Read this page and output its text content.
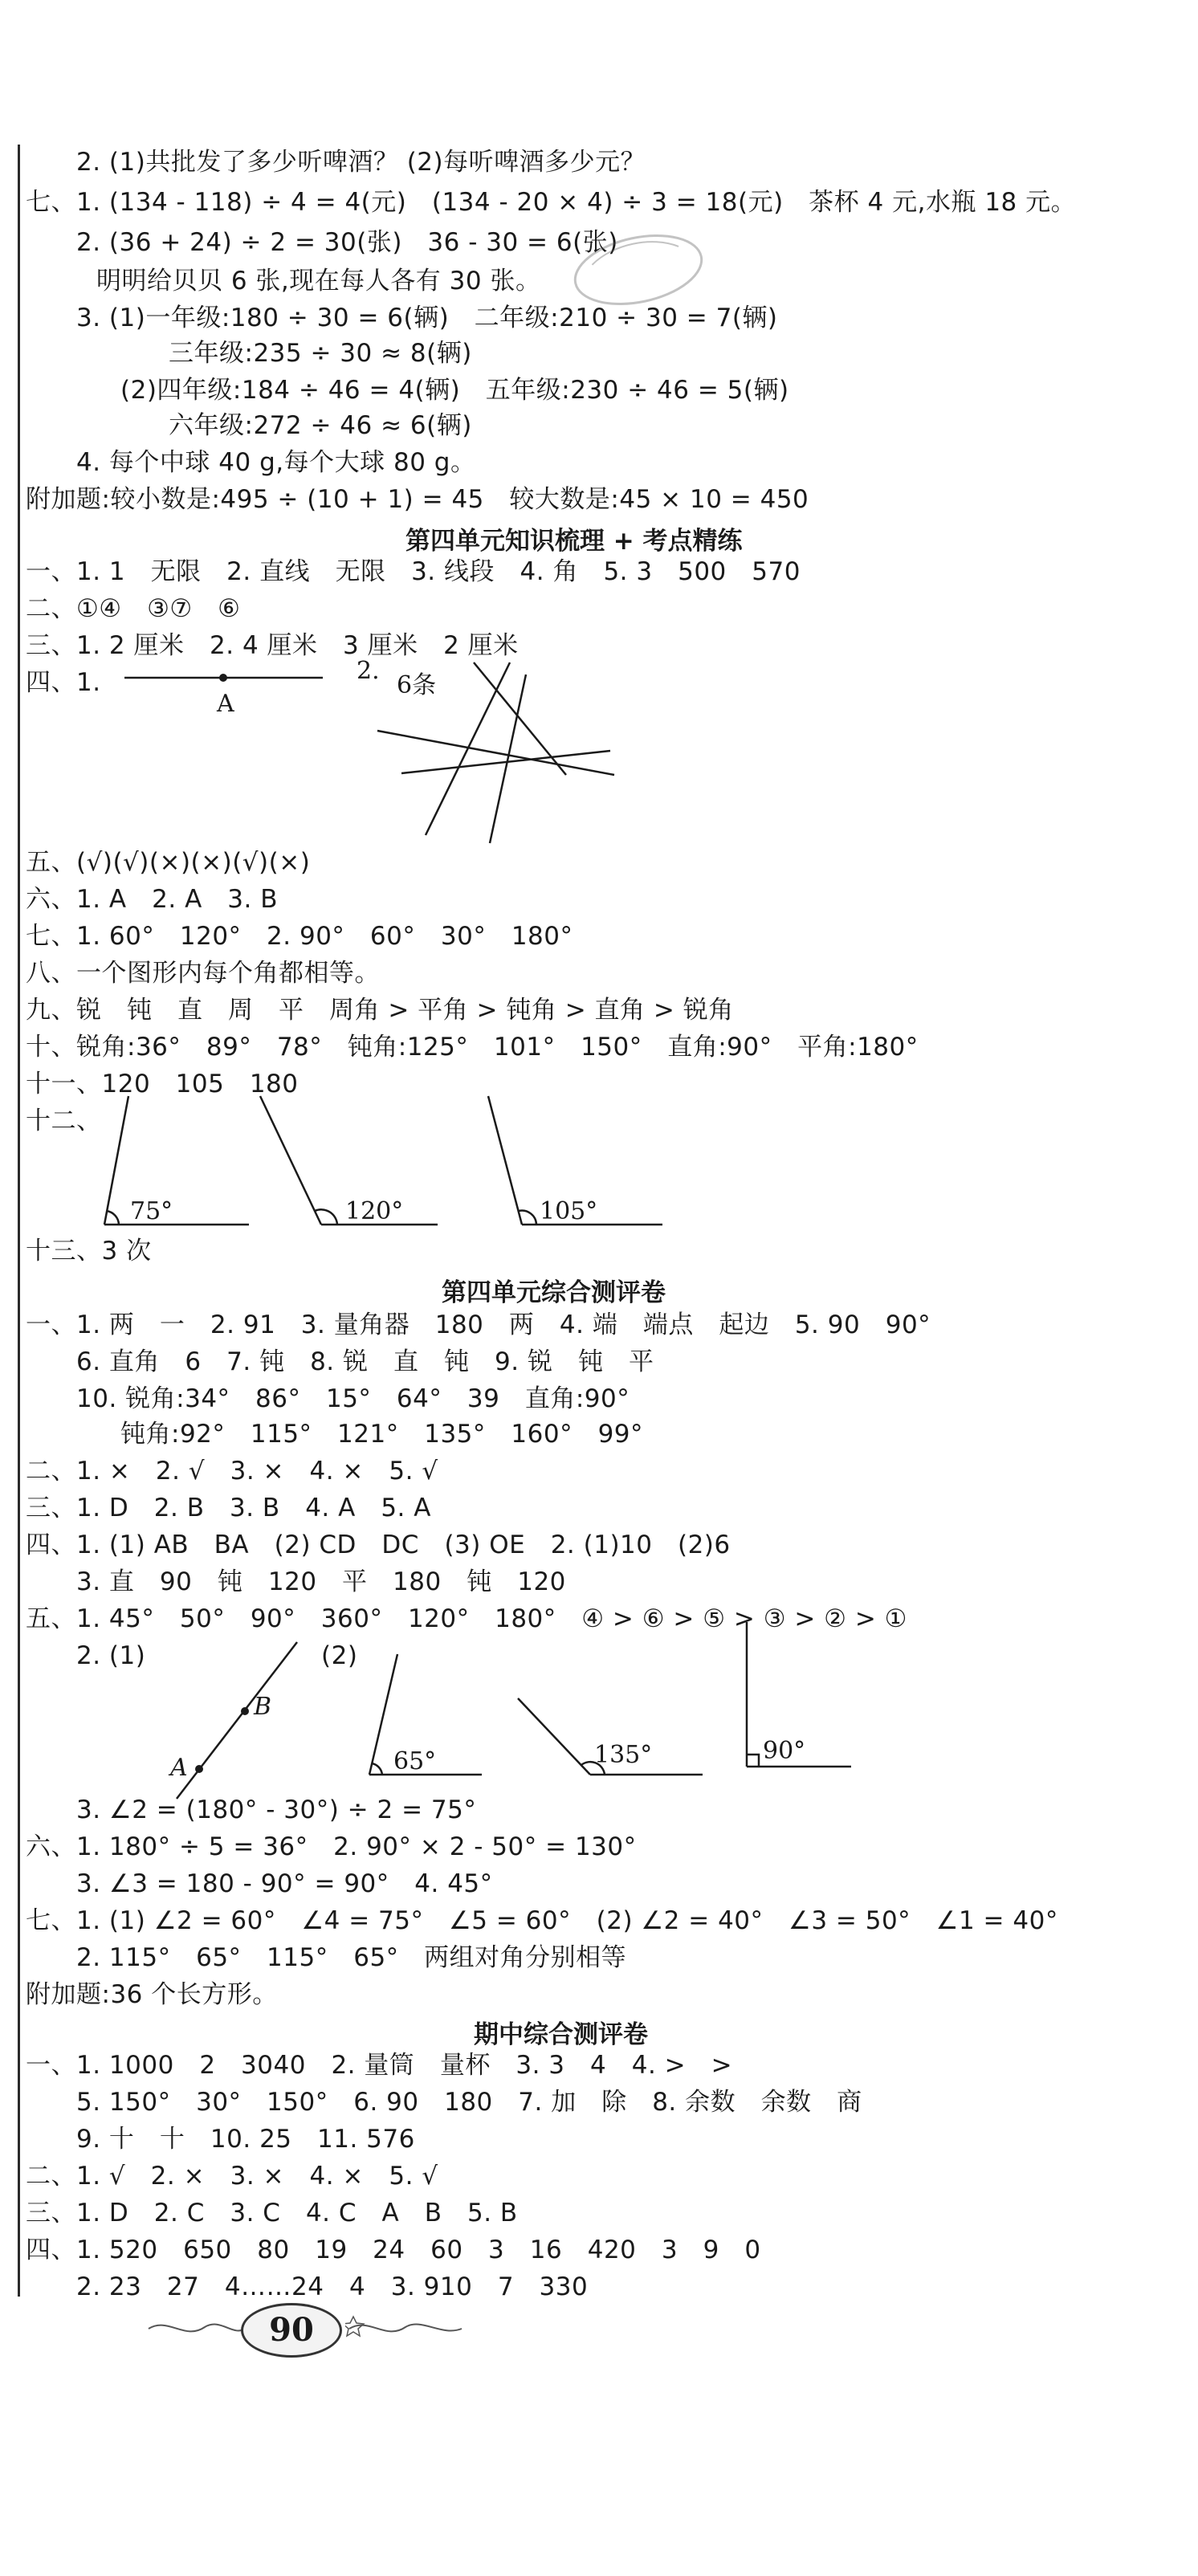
2. (1)共批发了多少听啤酒？ (2)每听啤酒多少元？
七、1. (134 - 118) ÷ 4 = 4(元)　(134 - 20 × 4) ÷ 3 = 18(元)　茶杯 4 元,水瓶 18 元。
2. (36 + 24) ÷ 2 = 30(张)　36 - 30 = 6(张)
明明给贝贝 6 张,现在每人各有 30 张。
3. (1)一年级:180 ÷ 30 = 6(辆)　二年级:210 ÷ 30 = 7(辆)
三年级:235 ÷ 30 ≈ 8(辆)
(2)四年级:184 ÷ 46 = 4(辆)　五年级:230 ÷ 46 = 5(辆)
六年级:272 ÷ 46 ≈ 6(辆)
4. 每个中球 40 g,每个大球 80 g。
附加题:较小数是:495 ÷ (10 + 1) = 45　较大数是:45 × 10 = 450
第四单元知识梳理 + 考点精练
一、1. 1　无限　2. 直线　无限　3. 线段　4. 角　5. 3　500　570
二、①④　③⑦　⑥
三、1. 2 厘米　2. 4 厘米　3 厘米　2 厘米
四、1.
A
2.
6条
五、(√)(√)(×)(×)(√)(×)
六、1. A　2. A　3. B
七、1. 60°　120°　2. 90°　60°　30°　180°
八、一个图形内每个角都相等。
九、锐　钝　直　周　平　周角 > 平角 > 钝角 > 直角 > 锐角
十、锐角:36°　89°　78°　钝角:125°　101°　150°　直角:90°　平角:180°
十一、120　105　180
十二、
75°	120°	105°
十三、3 次
第四单元综合测评卷
一、1. 两　一　2. 91　3. 量角器　180　两　4. 端　端点　起边　5. 90　90°
6. 直角　6　7. 钝　8. 锐　直　钝　9. 锐　钝　平
10. 锐角:34°　86°　15°　64°　39　直角:90°
钝角:92°　115°　121°　135°　160°　99°
二、1. ×　2. √　3. ×　4. ×　5. √
三、1. D　2. B　3. B　4. A　5. A
四、1. (1) AB　BA　(2) CD　DC　(3) OE　2. (1)10　(2)6
3. 直　90　钝　120　平　180　钝　120
五、1. 45°　50°　90°　360°　120°　180°　④ > ⑥ > ⑤ > ③ > ② > ①
2. (1)	(2)
B
A	65°	135°	90°
3. ∠2 = (180° - 30°) ÷ 2 = 75°
六、1. 180° ÷ 5 = 36°　2. 90° × 2 - 50° = 130°
3. ∠3 = 180 - 90° = 90°　4. 45°
七、1. (1) ∠2 = 60°　∠4 = 75°　∠5 = 60°　(2) ∠2 = 40°　∠3 = 50°　∠1 = 40°
2. 115°　65°　115°　65°　两组对角分别相等
附加题:36 个长方形。
期中综合测评卷
一、1. 1000　2　3040　2. 量筒　量杯　3. 3　4　4. >　>
5. 150°　30°　150°　6. 90　180　7. 加　除　8. 余数　余数　商
9. 十　十　10. 25　11. 576
二、1. √　2. ×　3. ×　4. ×　5. √
三、1. D　2. C　3. C　4. C　A　B　5. B
四、1. 520　650　80　19　24　60　3　16　420　3　9　0
2. 23　27　4……24　4　3. 910　7　330
90
